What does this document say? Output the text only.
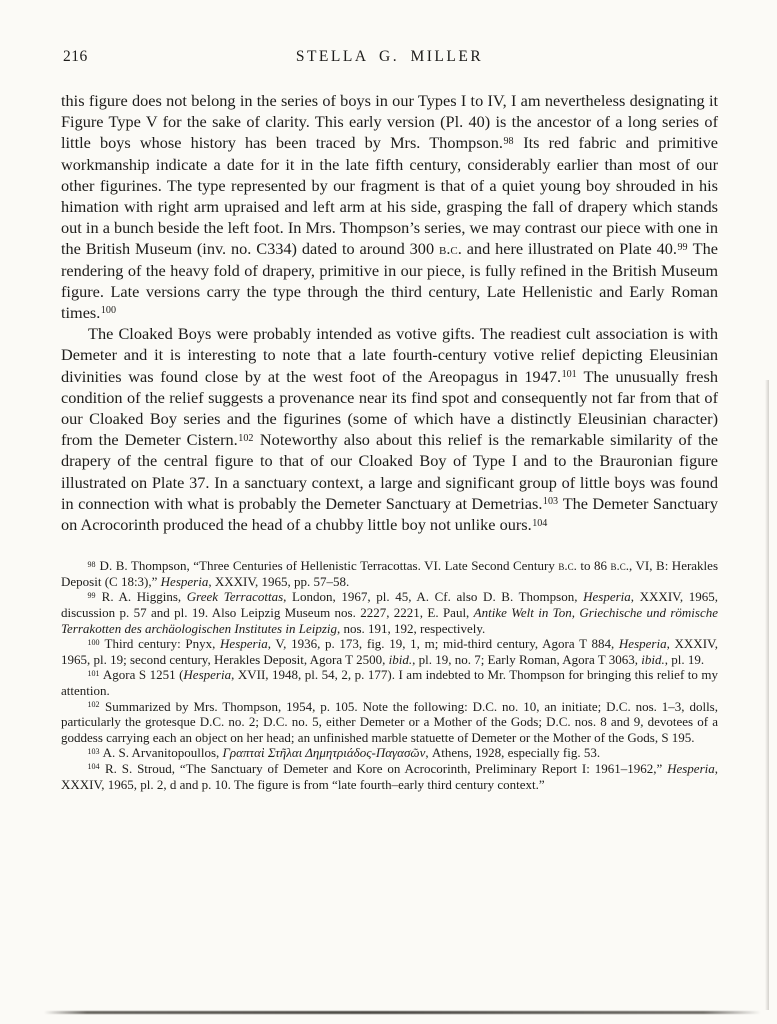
216	STELLA G. MILLER

this figure does not belong in the series of boys in our Types I to IV, I am nevertheless designating it Figure Type V for the sake of clarity. This early version (Pl. 40) is the ancestor of a long series of little boys whose history has been traced by Mrs. Thompson.$^{98}$ Its red fabric and primitive workmanship indicate a date for it in the late fifth century, considerably earlier than most of our other figurines. The type represented by our fragment is that of a quiet young boy shrouded in his himation with right arm upraised and left arm at his side, grasping the fall of drapery which stands out in a bunch beside the left foot. In Mrs. Thompson’s series, we may contrast our piece with one in the British Museum (inv. no. C334) dated to around 300 b.c. and here illustrated on Plate 40.99 The rendering of the heavy fold of drapery, primitive in our piece, is fully refined in the British Museum figure. Late versions carry the type through the third century, Late Hellenistic and Early Roman times.$^{100}$

The Cloaked Boys were probably intended as votive gifts. The readiest cult association is with Demeter and it is interesting to note that a late fourth-century votive relief depicting Eleusinian divinities was found close by at the west foot of the Areopagus in 1947.$^{101}$ The unusually fresh condition of the relief suggests a provenance near its find spot and consequently not far from that of our Cloaked Boy series and the figurines (some of which have a distinctly Eleusinian character) from the Demeter Cistern.$^{102}$ Noteworthy also about this relief is the remarkable similarity of the drapery of the central figure to that of our Cloaked Boy of Type I and to the Brauronian figure illustrated on Plate 37. In a sanctuary context, a large and significant group of little boys was found in connection with what is probably the Demeter Sanctuary at Demetrias.$^{103}$ The Demeter Sanctuary on Acrocorinth produced the head of a chubby little boy not unlike ours.$^{104}$

$^{98}$ D. B. Thompson, “Three Centuries of Hellenistic Terracottas. VI. Late Second Century b.c. to 86 b.c., VI, B: Herakles Deposit (C 18:3),” Hesperia, XXXIV, 1965, pp. 57–58.

$^{99}$ R. A. Higgins, Greek Terracottas, London, 1967, pl. 45, A. Cf. also D. B. Thompson, Hesperia, XXXIV, 1965, discussion p. 57 and pl. 19. Also Leipzig Museum nos. 2227, 2221, E. Paul, Antike Welt in Ton, Griechische und römische Terrakotten des archäologischen Institutes in Leipzig, nos. 191, 192, respectively.

$^{100}$ Third century: Pnyx, Hesperia, V, 1936, p. 173, fig. 19, 1, m; mid-third century, Agora T 884, Hesperia, XXXIV, 1965, pl. 19; second century, Herakles Deposit, Agora T 2500, ibid., pl. 19, no. 7; Early Roman, Agora T 3063, ibid., pl. 19.

$^{101}$ Agora S 1251 (Hesperia, XVII, 1948, pl. 54, 2, p. 177). I am indebted to Mr. Thompson for bringing this relief to my attention.

$^{102}$ Summarized by Mrs. Thompson, 1954, p. 105. Note the following: D.C. no. 10, an initiate; D.C. nos. 1–3, dolls, particularly the grotesque D.C. no. 2; D.C. no. 5, either Demeter or a Mother of the Gods; D.C. nos. 8 and 9, devotees of a goddess carrying each an object on her head; an unfinished marble statuette of Demeter or the Mother of the Gods, S 195.

$^{103}$ A. S. Arvanitopoullos, Γραπταὶ Στῆλαι Δημητριάδος-Παγασῶν, Athens, 1928, especially fig. 53.

$^{104}$ R. S. Stroud, “The Sanctuary of Demeter and Kore on Acrocorinth, Preliminary Report I: 1961–1962,” Hesperia, XXXIV, 1965, pl. 2, d and p. 10. The figure is from “late fourth–early third century context.”
